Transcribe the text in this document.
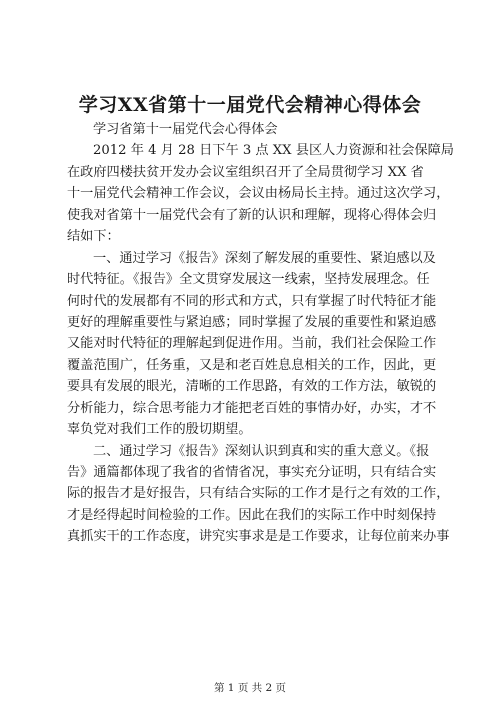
学习XX省第十一届党代会精神心得体会
学习省第十一届党代会心得体会
2012 年 4 月 28 日下午 3 点 XX 县区人力资源和社会保障局
在政府四楼扶贫开发办会议室组织召开了全局贯彻学习 XX 省
十一届党代会精神工作会议，会议由杨局长主持。通过这次学习，
使我对省第十一届党代会有了新的认识和理解，现将心得体会归
结如下：
一、通过学习《报告》深刻了解发展的重要性、紧迫感以及
时代特征。《报告》全文贯穿发展这一线索，坚持发展理念。任
何时代的发展都有不同的形式和方式，只有掌握了时代特征才能
更好的理解重要性与紧迫感；同时掌握了发展的重要性和紧迫感
又能对时代特征的理解起到促进作用。当前，我们社会保险工作
覆盖范围广，任务重，又是和老百姓息息相关的工作，因此，更
要具有发展的眼光，清晰的工作思路，有效的工作方法，敏锐的
分析能力，综合思考能力才能把老百姓的事情办好，办实，才不
辜负党对我们工作的殷切期望。
二、通过学习《报告》深刻认识到真和实的重大意义。《报
告》通篇都体现了我省的省情省况，事实充分证明，只有结合实
际的报告才是好报告，只有结合实际的工作才是行之有效的工作，
才是经得起时间检验的工作。因此在我们的实际工作中时刻保持
真抓实干的工作态度，讲究实事求是是工作要求，让每位前来办事
第 1 页 共 2 页
